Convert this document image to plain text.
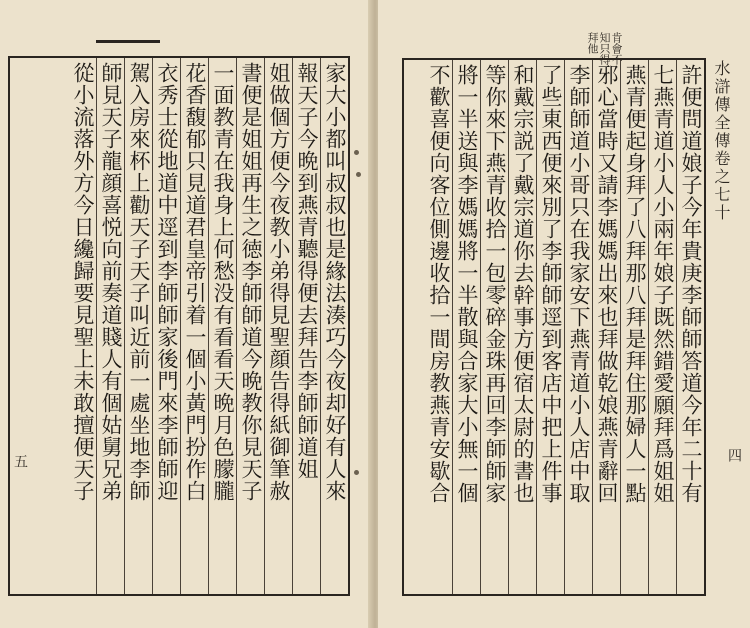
家大小都叫叔叔也是緣法湊巧今夜却好有人來
報天子今晩到燕青聽得便去拜告李師師道姐
姐做個方便今夜教小弟得見聖顔告得紙御筆赦
書便是姐姐再生之徳李師師道今晩教你見天子
一面教青在我身上何愁没有看看天晩月色朦朧
花香馥郁只見道君皇帝引着一個小黃門扮作白
衣秀士從地道中逕到李師師家後門來李師師迎
駕入房來杯上勸天子天子叫近前一處坐地李師
師見天子龍顔喜悦向前奏道賤人有個姑舅兄弟
從小流落外方今日纔歸要見聖上未敢擅便天子
五
肯會不知只得拜他
許便問道娘子今年貴庚李師師答道今年二十有
七燕青道小人小兩年娘子既然錯愛願拜爲姐姐
燕青便起身拜了八拜那八拜是拜住那婦人一點
邪心當時又請李媽媽出來也拜做乾娘燕青辭回
李師師道小哥只在我家安下燕青道小人店中取
了些東西便來別了李師師逕到客店中把上件事
和戴宗説了戴宗道你去幹事方便宿太尉的書也
等你來下燕青收拾一包零碎金珠再回李師師家
將一半送與李媽媽將一半散與合家大小無一個
不歡喜便向客位側邊收拾一間房教燕青安歇合	水滸傳全傳卷之七十
四
